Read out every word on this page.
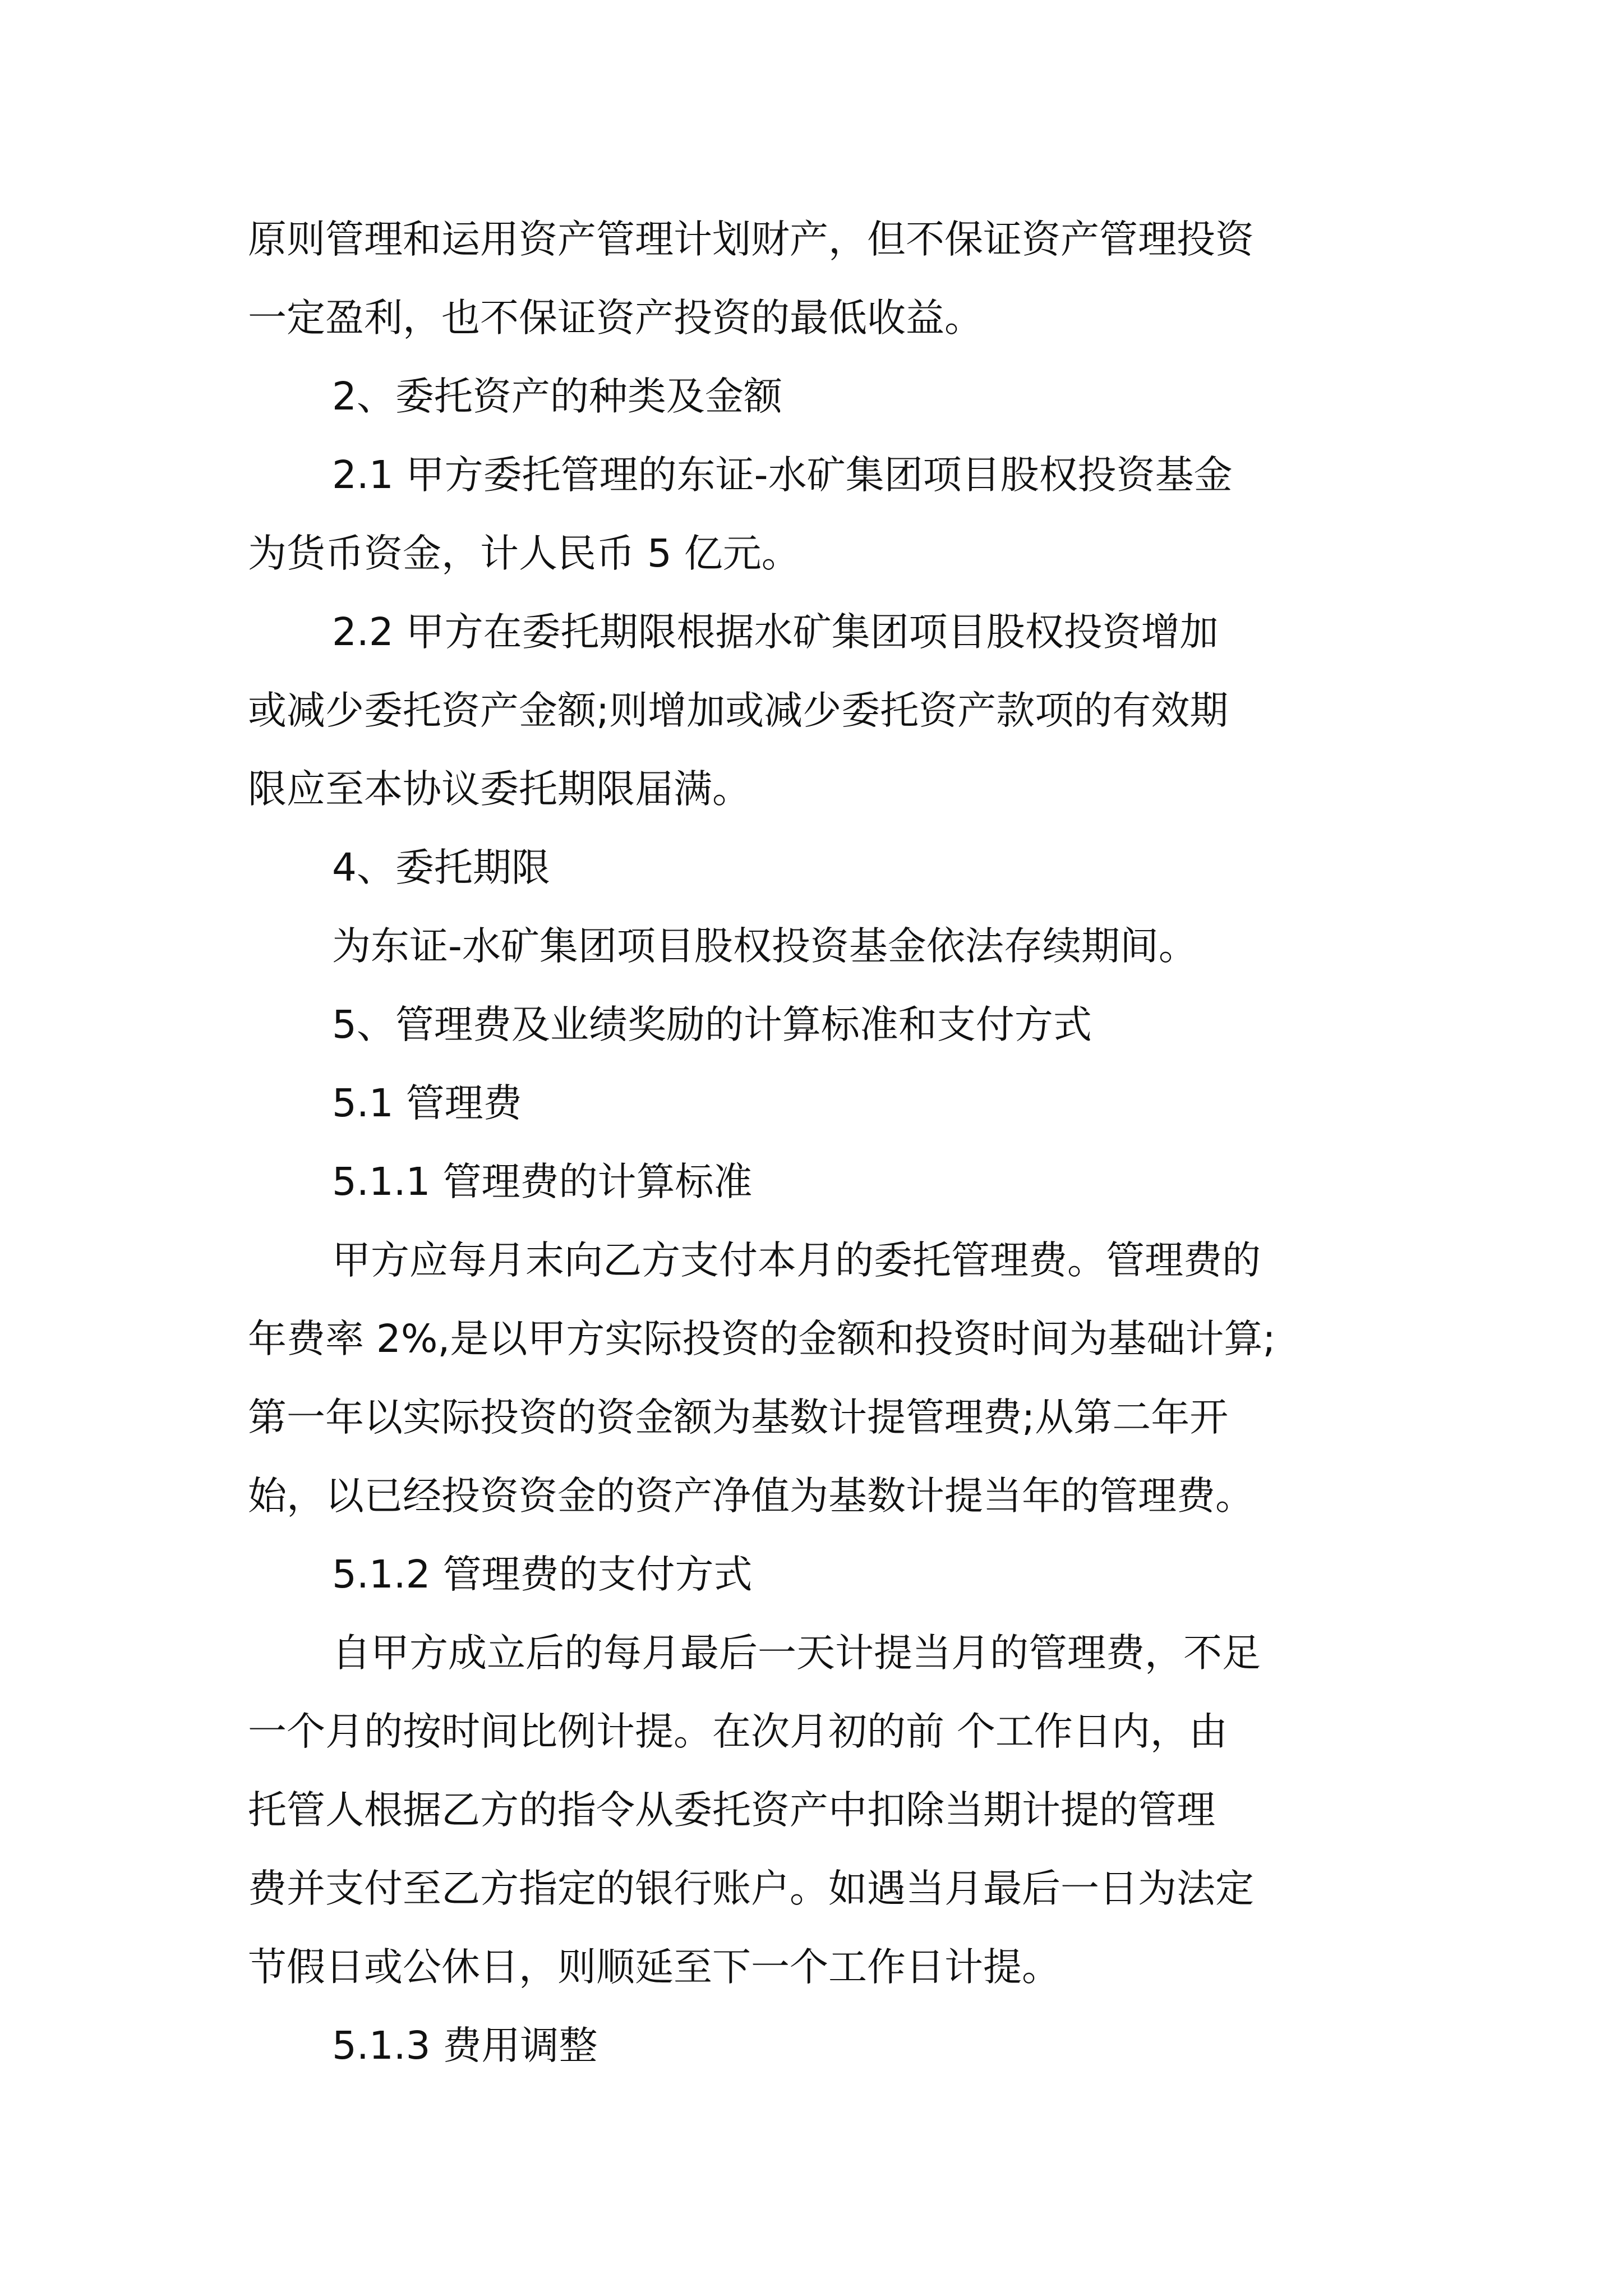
原则管理和运用资产管理计划财产，但不保证资产管理投资
一定盈利，也不保证资产投资的最低收益。
2、委托资产的种类及金额
2.1 甲方委托管理的东证-水矿集团项目股权投资基金
为货币资金，计人民币 5 亿元。
2.2 甲方在委托期限根据水矿集团项目股权投资增加
或减少委托资产金额;则增加或减少委托资产款项的有效期
限应至本协议委托期限届满。
4、委托期限
为东证-水矿集团项目股权投资基金依法存续期间。
5、管理费及业绩奖励的计算标准和支付方式
5.1 管理费
5.1.1 管理费的计算标准
甲方应每月末向乙方支付本月的委托管理费。管理费的
年费率 2%,是以甲方实际投资的金额和投资时间为基础计算;
第一年以实际投资的资金额为基数计提管理费;从第二年开
始，以已经投资资金的资产净值为基数计提当年的管理费。
5.1.2 管理费的支付方式
自甲方成立后的每月最后一天计提当月的管理费，不足
一个月的按时间比例计提。在次月初的前 个工作日内，由
托管人根据乙方的指令从委托资产中扣除当期计提的管理
费并支付至乙方指定的银行账户。如遇当月最后一日为法定
节假日或公休日，则顺延至下一个工作日计提。
5.1.3 费用调整
